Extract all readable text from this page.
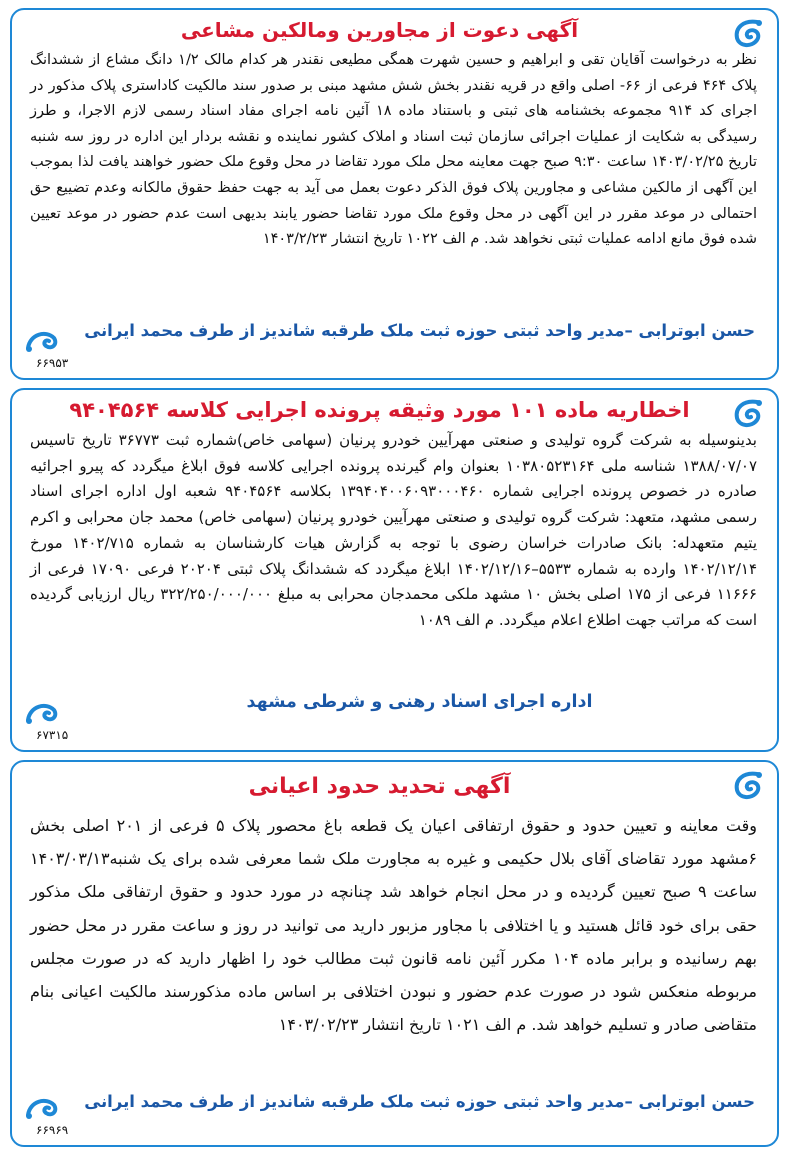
آگهی دعوت از مجاورین ومالکین مشاعی
نظر به درخواست آقایان تقی و ابراهیم و حسین شهرت همگی مطیعی نقندر هر کدام مالک ۱/۲ دانگ مشاع از ششدانگ پلاک ۴۶۴ فرعی از ۶۶- اصلی واقع در قریه نقندر بخش شش مشهد مبنی بر صدور سند مالکیت کاداستری پلاک مذکور در اجرای کد ۹۱۴ مجموعه بخشنامه های ثبتی و باستناد ماده ۱۸ آئین نامه اجرای مفاد اسناد رسمی لازم الاجرا، و طرز رسیدگی به شکایت از عملیات اجرائی سازمان ثبت اسناد و املاک کشور نماینده و نقشه بردار این اداره در روز سه شنبه تاریخ ۱۴۰۳/۰۲/۲۵ ساعت ۹:۳۰ صبح جهت معاینه محل ملک مورد تقاضا در محل وقوع ملک حضور خواهند یافت لذا بموجب این آگهی از مالکین مشاعی و مجاورین پلاک فوق الذکر دعوت بعمل می آید به جهت حفظ حقوق مالکانه وعدم تضییع حق احتمالی در موعد مقرر در این آگهی در محل وقوع ملک مورد تقاضا حضور یابند بدیهی است عدم حضور در موعد تعیین شده فوق مانع ادامه عملیات ثبتی نخواهد شد. م الف ۱۰۲۲ تاریخ انتشار ۱۴۰۳/۲/۲۳
حسن ابوترابی –مدیر واحد ثبتی حوزه ثبت ملک طرقبه شاندیز از طرف محمد ایرانی
۶۶۹۵۳
اخطاریه ماده ۱۰۱ مورد وثیقه پرونده اجرایی کلاسه ۹۴۰۴۵۶۴
بدینوسیله به شرکت گروه تولیدی و صنعتی مهرآیین خودرو پرنیان (سهامی خاص)شماره ثبت ۳۶۷۷۳ تاریخ تاسیس ۱۳۸۸/۰۷/۰۷ شناسه ملی ۱۰۳۸۰۵۲۳۱۶۴ بعنوان وام گیرنده پرونده اجرایی کلاسه فوق ابلاغ میگردد که پیرو اجرائیه صادره در خصوص پرونده اجرایی شماره ۱۳۹۴۰۴۰۰۶۰۹۳۰۰۰۴۶۰ بکلاسه ۹۴۰۴۵۶۴ شعبه اول اداره اجرای اسناد رسمی مشهد، متعهد: شرکت گروه تولیدی و صنعتی مهرآیین خودرو پرنیان (سهامی خاص) محمد جان محرابی و اکرم یتیم متعهدله: بانک صادرات خراسان رضوی با توجه به گزارش هیات کارشناسان به شماره ۱۴۰۲/۷۱۵ مورخ ۱۴۰۲/۱۲/۱۴ وارده به شماره ۵۵۳۳–۱۴۰۲/۱۲/۱۶ ابلاغ میگردد که ششدانگ پلاک ثبتی ۲۰۲۰۴ فرعی ۱۷۰۹۰ فرعی از ۱۱۶۶۶ فرعی از ۱۷۵ اصلی بخش ۱۰ مشهد ملکی محمدجان محرابی به مبلغ ۳۲۲/۲۵۰/۰۰۰/۰۰۰ ریال ارزیابی گردیده است که مراتب جهت اطلاع اعلام میگردد. م الف ۱۰۸۹
اداره اجرای اسناد رهنی و شرطی مشهد
۶۷۳۱۵
آگهی تحدید حدود اعیانی
وقت معاینه و تعیین حدود و حقوق ارتفاقی اعیان یک قطعه باغ محصور پلاک ۵ فرعی از ۲۰۱ اصلی بخش ۶مشهد مورد تقاضای آقای بلال حکیمی و غیره به مجاورت ملک شما معرفی شده برای یک شنبه۱۴۰۳/۰۳/۱۳ ساعت ۹ صبح تعیین گردیده و در محل انجام خواهد شد چنانچه در مورد حدود و حقوق ارتفاقی ملک مذکور حقی برای خود قائل هستید و یا اختلافی با مجاور مزبور دارید می توانید در روز و ساعت مقرر در محل حضور بهم رسانیده و برابر ماده ۱۰۴ مکرر آئین نامه قانون ثبت مطالب خود را اظهار دارید که در صورت مجلس مربوطه منعکس شود در صورت عدم حضور و نبودن اختلافی بر اساس ماده مذکورسند مالکیت اعیانی بنام متقاضی صادر و تسلیم خواهد شد. م الف ۱۰۲۱ تاریخ انتشار ۱۴۰۳/۰۲/۲۳
حسن ابوترابی –مدیر واحد ثبتی حوزه ثبت ملک طرقبه شاندیز از طرف محمد ایرانی
۶۶۹۶۹
